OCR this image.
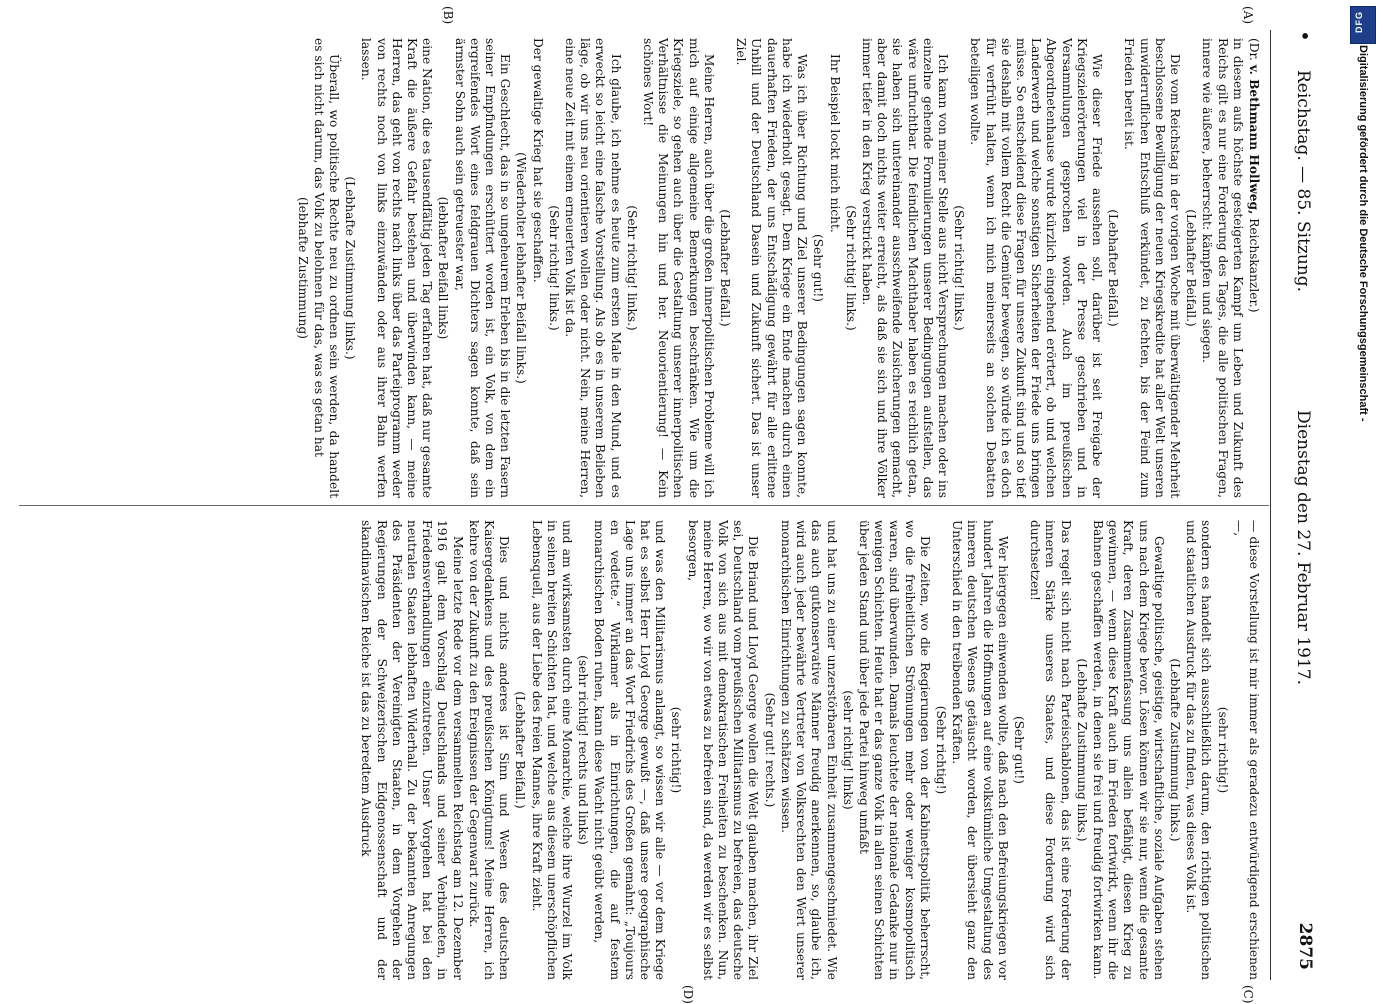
•
Reichstag. — 85. Sitzung.
Dienstag den 27. Februar 1917.
2875
(A)
(B)
(C)
(D)

(Dr. v. Bethmann Hollweg, Reichskanzler.)

in diesem aufs höchste gesteigerten Kampf um Leben und Zukunft des Reichs gilt es nur eine Forderung des Tages, die alle politischen Fragen, innere wie äußere, beherrscht: kämpfen und siegen.

(Lebhafter Beifall.)

Die vom Reichstag in der vorigen Woche mit überwältigender Mehrheit beschlossene Bewilligung der neuen Kriegskredite hat aller Welt unseren unwiderruflichen Entschluß verkündet, zu fechten, bis der Feind zum Frieden bereit ist.

(Lebhafter Beifall.)

Wie dieser Friede aussehen soll, darüber ist seit Freigabe der Kriegszielerörterungen viel in der Presse geschrieben und in Versammlungen gesprochen worden. Auch im preußischen Abgeordnetenhause wurde kürzlich eingehend erörtert, ob und welchen Landerwerb und welche sonstigen Sicherheiten der Friede uns bringen müsse. So entscheidend diese Fragen für unsere Zukunft sind und so tief sie deshalb mit vollem Recht die Gemüter bewegen, so würde ich es doch für verfrüht halten, wenn ich mich meinerseits an solchen Debatten beteiligen wollte.

(Sehr richtig! links.)

Ich kann von meiner Stelle aus nicht Versprechungen machen oder ins einzelne gehende Formulierungen unserer Bedingungen aufstellen, das wäre unfruchtbar. Die feindlichen Machthaber haben es reichlich getan, sie haben sich untereinander ausschweifende Zusicherungen gemacht, aber damit doch nichts weiter erreicht, als daß sie sich und ihre Völker immer tiefer in den Krieg verstrickt haben.

(Sehr richtig! links.)

Ihr Beispiel lockt mich nicht.

(Sehr gut!)

Was ich über Richtung und Ziel unserer Bedingungen sagen konnte, habe ich wiederholt gesagt. Dem Kriege ein Ende machen durch einen dauerhaften Frieden, der uns Entschädigung gewährt für alle erlittene Unbill und der Deutschland Dasein und Zukunft sichert. Das ist unser Ziel.

(Lebhafter Beifall.)

Meine Herren, auch über die großen innerpolitischen Probleme will ich mich auf einige allgemeine Bemerkungen beschränken. Wie um die Kriegsziele, so gehen auch über die Gestaltung unserer innerpolitischen Verhältnisse die Meinungen hin und her. Neuorientierung! — Kein schönes Wort!

(Sehr richtig! links.)

Ich glaube, ich nehme es heute zum ersten Male in den Mund, und es erweckt so leicht eine falsche Vorstellung. Als ob es in unserem Belieben läge, ob wir uns neu orientieren wollen oder nicht. Nein, meine Herren, eine neue Zeit mit einem erneuerten Volk ist da.

(Sehr richtig! links.)

Der gewaltige Krieg hat sie geschaffen.

(Wiederholter lebhafter Beifall links.)

Ein Geschlecht, das in so ungeheurem Erleben bis in die letzten Fasern seiner Empfindungen erschüttert worden ist, ein Volk, von dem ein ergreifendes Wort eines feldgrauen Dichters sagen konnte, daß sein ärmster Sohn auch sein getreuester war,

(lebhafter Beifall links)

eine Nation, die es tausendfältig jeden Tag erfahren hat, daß nur gesamte Kraft die äußere Gefahr bestehen und überwinden kann, — meine Herren, das geht von rechts nach links über das Parteiprogramm weder von rechts noch von links einzuwänden oder aus ihrer Bahn werfen lassen.

(Lebhafte Zustimmung links.)

Überall, wo politische Rechte neu zu ordnen sein werden, da handelt es sich nicht darum, das Volk zu belohnen für das, was es getan hat

(lebhafte Zustimmung)

— diese Vorstellung ist mir immer als geradezu entwürdigend erschienen —,

(sehr richtig!)

sondern es handelt sich ausschließlich darum, den richtigen politischen und staatlichen Ausdruck für das zu finden, was dieses Volk ist.

(Lebhafte Zustimmung links.)

Gewaltige politische, geistige, wirtschaftliche, soziale Aufgaben stehen uns nach dem Kriege bevor. Lösen können wir sie nur, wenn die gesamte Kraft, deren Zusammenfassung uns allein befähigt, diesen Krieg zu gewinnen, — wenn diese Kraft auch im Frieden fortwirkt, wenn ihr die Bahnen geschaffen werden, in denen sie frei und freudig fortwirken kann.

(Lebhafte Zustimmung links.)

Das regelt sich nicht nach Parteischablonen, das ist eine Forderung der inneren Stärke unseres Staates, und diese Forderung wird sich durchsetzen!

(Sehr gut!)

Wer hiergegen einwenden wollte, daß nach den Befreiungskriegen vor hundert Jahren die Hoffnungen auf eine volkstümliche Umgestaltung des inneren deutschen Wesens getäuscht worden, der übersieht ganz den Unterschied in den treibenden Kräften.

(Sehr richtig!)

Die Zeiten, wo die Regierungen von der Kabinettspolitik beherrscht, wo die freiheitlichen Strömungen mehr oder weniger kosmopolitisch waren, sind überwunden. Damals leuchtete der nationale Gedanke nur in wenigen Schichten. Heute hat er das ganze Volk in allen seinen Schichten über jeden Stand und über jede Partei hinweg umfaßt

(sehr richtig! links)

und hat uns zu einer unzerstörbaren Einheit zusammengeschmiedet. Wie das auch gutkonservative Männer freudig anerkennen, so, glaube ich, wird auch jeder bewährte Vertreter von Volksrechten den Wert unserer monarchischen Einrichtungen zu schätzen wissen.

(Sehr gut! rechts.)

Die Briand und Lloyd George wollen die Welt glauben machen, ihr Ziel sei, Deutschland vom preußischen Militarismus zu befreien, das deutsche Volk von sich aus mit demokratischen Freiheiten zu beschenken. Nun, meine Herren, wo wir von etwas zu befreien sind, da werden wir es selbst besorgen,

(sehr richtig!)

und was den Militarismus anlangt, so wissen wir alle — vor dem Kriege hat es selbst Herr Lloyd George gewußt —, daß unsere geographische Lage uns immer an das Wort Friedrichs des Großen gemahnt: „Toujours en vedette.“ Wirklamer als in Einrichtungen, die auf festem monarchischen Boden ruhen, kann diese Wacht nicht geübt werden,

(sehr richtig! rechts und links)

und am wirksamsten durch eine Monarchie, welche ihre Wurzel im Volk in seinen breiten Schichten hat, und welche aus diesem unerschöpflichen Lebensquell, aus der Liebe des freien Mannes, ihre Kraft zieht.

(Lebhafter Beifall.)

Dies und nichts anderes ist Sinn und Wesen des deutschen Kaisergedankens und des preußischen Königtums! Meine Herren, ich kehre von der Zukunft zu den Ereignissen der Gegenwart zurück.

Meine letzte Rede vor dem versammelten Reichstag am 12. Dezember 1916 galt dem Vorschlag Deutschlands und seiner Verbündeten, in Friedensverhandlungen einzutreten. Unser Vorgehen hat bei den neutralen Staaten lebhaften Widerhall. Zu der bekannten Anregungen des Präsidenten der Vereinigten Staaten, in dem Vorgehen der Regierungen der Schweizerischen Eidgenossenschaft und der skandinavischen Reiche ist das zu beredtem Ausdruck

DFG
Digitalisierung gefördert durch die Deutsche Forschungsgemeinschaft -
